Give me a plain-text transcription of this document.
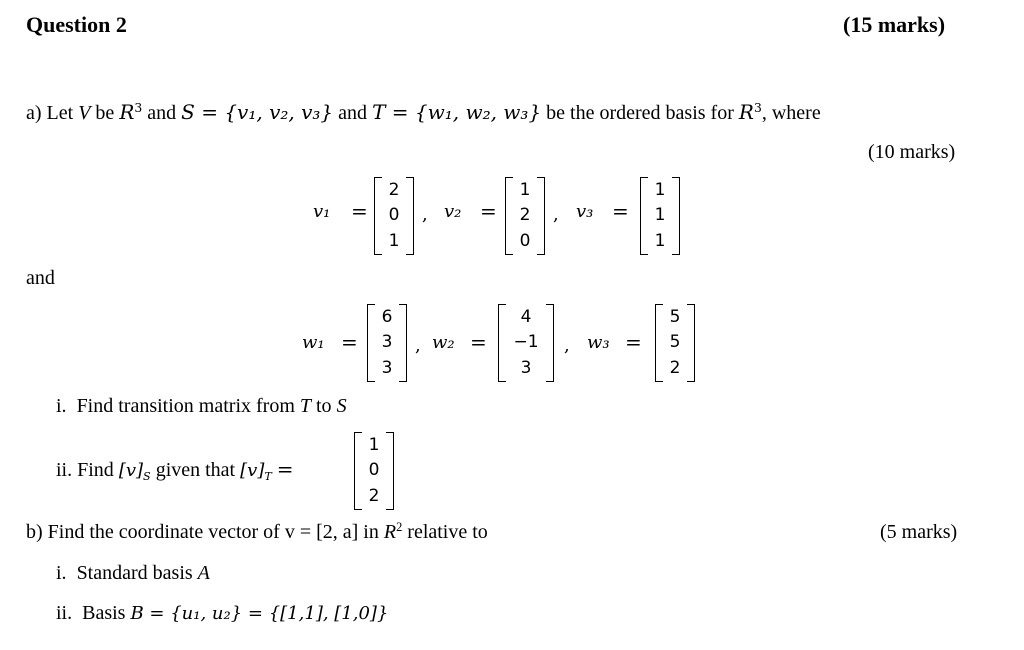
Question 2	(15 marks)
a) Let V be $R^3$ and S = {v₁, v₂, v₃} and T = {w₁, w₂, w₃} be the ordered basis for $R^3$, where
(10 marks)
v₁ =
2
0
1
, v₂ =
1
2
0
, v₃ =
1
1
1
and
w₁ =
6
3
3
, w₂ =
4
−1
3
, w₃ =
5
5
2
i. Find transition matrix from T to S
ii. Find $[v]_S$ given that $[v]_T$ =
1
0
2
b) Find the coordinate vector of v = [2, a] in $R^2$ relative to	(5 marks)
i. Standard basis A
ii. Basis B = {u₁, u₂} = {[1,1], [1,0]}
